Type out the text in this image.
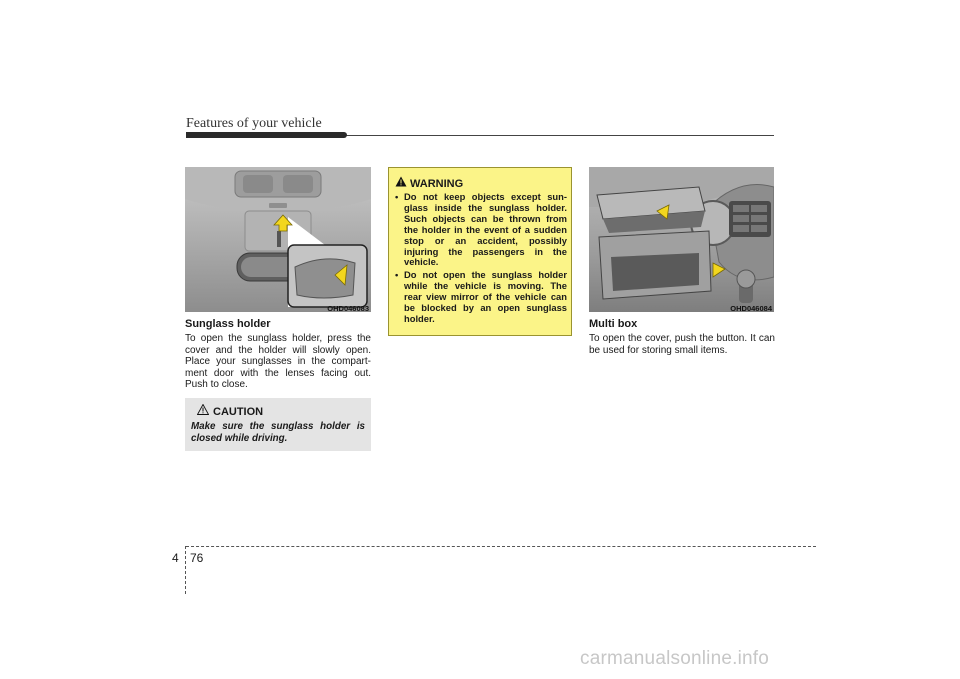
Features of your vehicle
OHD046083
Sunglass holder
To open the sunglass holder, press the cover and the holder will slowly open. Place your sunglasses in the compartment door with the lenses facing out. Push to close.
CAUTION
Make sure the sunglass holder is closed while driving.
WARNING
• Do not keep objects except sunglass inside the sunglass holder. Such objects can be thrown from the holder in the event of a sudden stop or an accident, possibly injuring the passengers in the vehicle.
• Do not open the sunglass holder while the vehicle is moving. The rear view mirror of the vehicle can be blocked by an open sunglass holder.
OHD046084
Multi box
To open the cover, push the button. It can be used for storing small items.
4 76
carmanualsonline.info
